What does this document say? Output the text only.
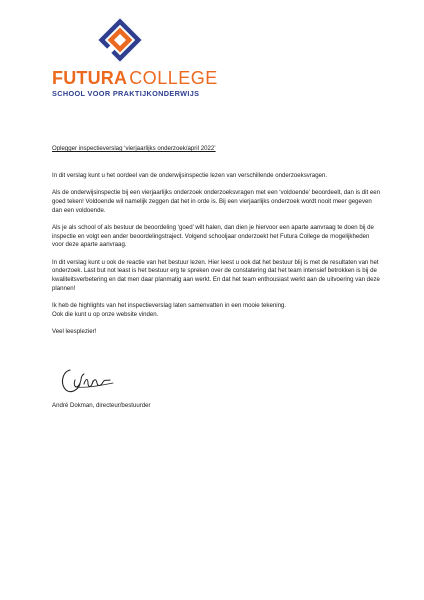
FUTURA COLLEGE
SCHOOL VOOR PRAKTIJKONDERWIJS

Oplegger inspectieverslag ‘vierjaarlijks onderzoek/april 2022’

In dit verslag kunt u het oordeel van de onderwijsinspectie lezen van verschillende onderzoeksvragen.

Als de onderwijsinspectie bij een vierjaarlijks onderzoek onderzoeksvragen met een ‘voldoende’ beoordeelt, dan is dit een goed teken! Voldoende wil namelijk zeggen dat het in orde is. Bij een vierjaarlijks onderzoek wordt nooit meer gegeven dan een voldoende.

Als je als school of als bestuur de beoordeling ‘goed’ wilt halen, dan dien je hiervoor een aparte aanvraag te doen bij de inspectie en volgt een ander beoordelingstraject. Volgend schooljaar onderzoekt het Futura College de mogelijkheden voor deze aparte aanvraag.

In dit verslag kunt u ook de reactie van het bestuur lezen. Hier leest u ook dat het bestuur blij is met de resultaten van het onderzoek. Last but not least is het bestuur erg te spreken over de constatering dat het team intensief betrokken is bij de kwaliteitsverbetering en dat men daar planmatig aan werkt. En dat het team enthousiast werkt aan de uitvoering van deze plannen!

Ik heb de highlights van het inspectieverslag laten samenvatten in een mooie tekening.

Ook die kunt u op onze website vinden.

Veel leesplezier!

André Dokman, directeur/bestuurder
